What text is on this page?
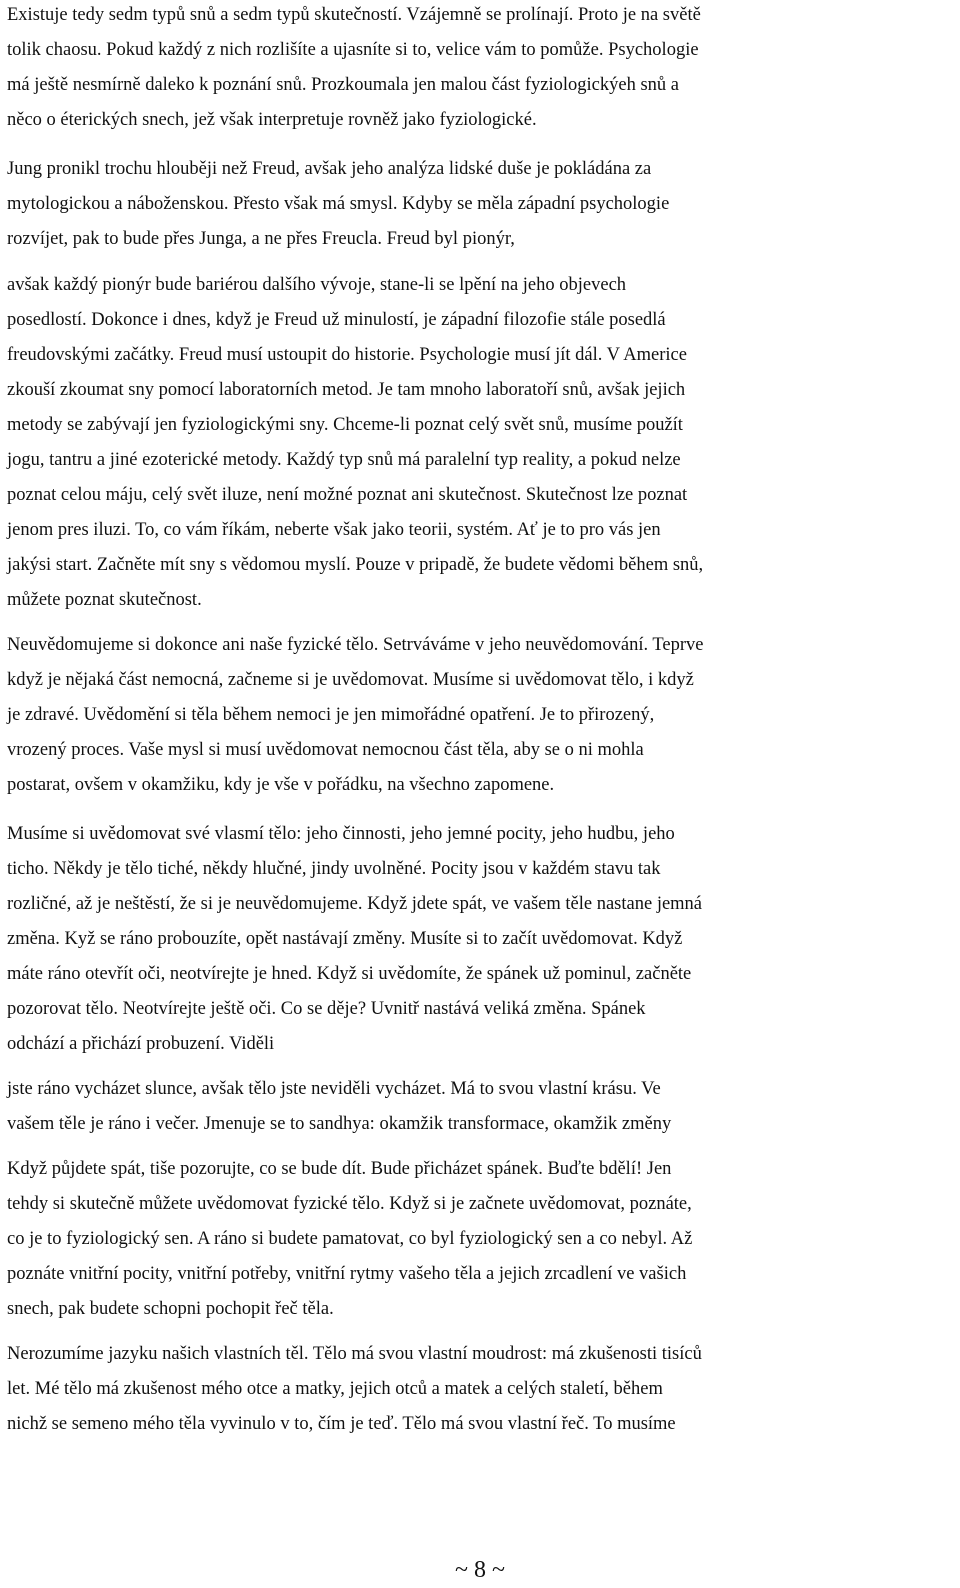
Existuje tedy sedm typů snů a sedm typů skutečností. Vzájemně se prolínají. Proto je na světě
tolik chaosu. Pokud každý z nich rozlišíte a ujasníte si to, velice vám to pomůže. Psychologie
má ještě nesmírně daleko k poznání snů. Prozkoumala jen malou část fyziologickýeh snů a
něco o éterických snech, jež však interpretuje rovněž jako fyziologické.

Jung pronikl trochu hlouběji než Freud, avšak jeho analýza lidské duše je pokládána za
mytologickou a náboženskou. Přesto však má smysl. Kdyby se měla západní psychologie
rozvíjet, pak to bude přes Junga, a ne přes Freucla. Freud byl pionýr,

avšak každý pionýr bude bariérou dalšího vývoje, stane-li se lpění na jeho objevech
posedlostí. Dokonce i dnes, když je Freud už minulostí, je západní filozofie stále posedlá
freudovskými začátky. Freud musí ustoupit do historie. Psychologie musí jít dál. V Americe
zkouší zkoumat sny pomocí laboratorních metod. Je tam mnoho laboratoří snů, avšak jejich
metody se zabývají jen fyziologickými sny. Chceme-li poznat celý svět snů, musíme použít
jogu, tantru a jiné ezoterické metody. Každý typ snů má paralelní typ reality, a pokud nelze
poznat celou máju, celý svět iluze, není možné poznat ani skutečnost. Skutečnost lze poznat
jenom pres iluzi. To, co vám říkám, neberte však jako teorii, systém. Ať je to pro vás jen
jakýsi start. Začněte mít sny s vědomou myslí. Pouze v pripadě, že budete vědomi během snů,
můžete poznat skutečnost.

Neuvědomujeme si dokonce ani naše fyzické tělo. Setrváváme v jeho neuvědomování. Teprve
když je nějaká část nemocná, začneme si je uvědomovat. Musíme si uvědomovat tělo, i když
je zdravé. Uvědomění si těla během nemoci je jen mimořádné opatření. Je to přirozený,
vrozený proces. Vaše mysl si musí uvědomovat nemocnou část těla, aby se o ni mohla
postarat, ovšem v okamžiku, kdy je vše v pořádku, na všechno zapomene.

Musíme si uvědomovat své vlasmí tělo: jeho činnosti, jeho jemné pocity, jeho hudbu, jeho
ticho. Někdy je tělo tiché, někdy hlučné, jindy uvolněné. Pocity jsou v každém stavu tak
rozličné, až je neštěstí, že si je neuvědomujeme. Když jdete spát, ve vašem těle nastane jemná
změna. Kyž se ráno probouzíte, opět nastávají změny. Musíte si to začít uvědomovat. Když
máte ráno otevřít oči, neotvírejte je hned. Když si uvědomíte, že spánek už pominul, začněte
pozorovat tělo. Neotvírejte ještě oči. Co se děje? Uvnitř nastává veliká změna. Spánek
odchází a přichází probuzení. Viděli

jste ráno vycházet slunce, avšak tělo jste neviděli vycházet. Má to svou vlastní krásu. Ve
vašem těle je ráno i večer. Jmenuje se to sandhya: okamžik transformace, okamžik změny

Když půjdete spát, tiše pozorujte, co se bude dít. Bude přicházet spánek. Buďte bdělí! Jen
tehdy si skutečně můžete uvědomovat fyzické tělo. Když si je začnete uvědomovat, poznáte,
co je to fyziologický sen. A ráno si budete pamatovat, co byl fyziologický sen a co nebyl. Až
poznáte vnitřní pocity, vnitřní potřeby, vnitřní rytmy vašeho těla a jejich zrcadlení ve vašich
snech, pak budete schopni pochopit řeč těla.

Nerozumíme jazyku našich vlastních těl. Tělo má svou vlastní moudrost: má zkušenosti tisíců
let. Mé tělo má zkušenost mého otce a matky, jejich otců a matek a celých staletí, během
nichž se semeno mého těla vyvinulo v to, čím je teď. Tělo má svou vlastní řeč. To musíme

~ 8 ~
